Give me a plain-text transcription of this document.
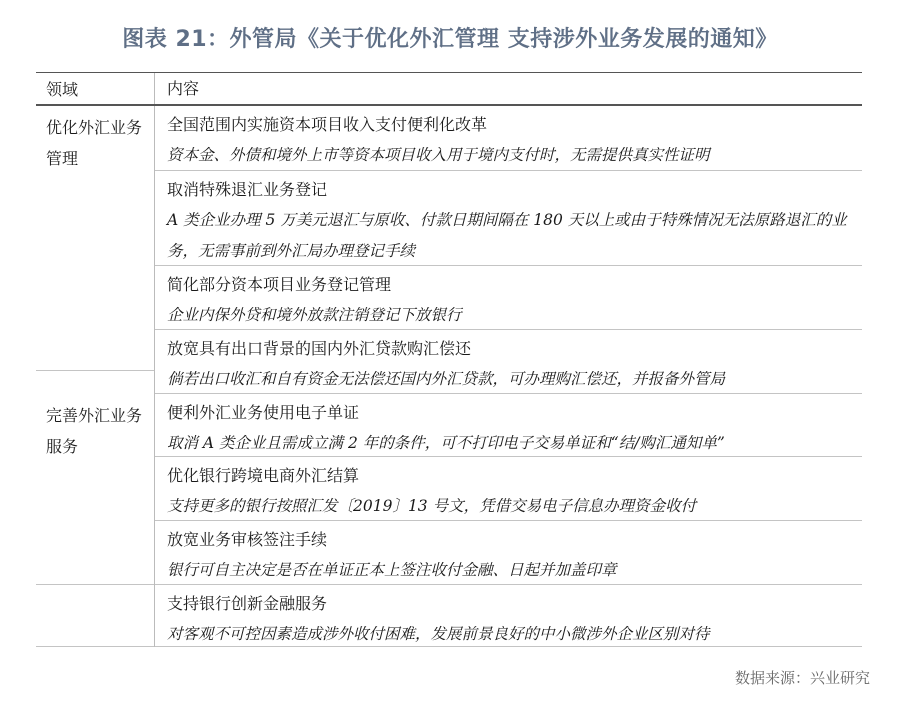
图表 21：外管局《关于优化外汇管理 支持涉外业务发展的通知》
领域	内容
优化外汇业务管理
全国范围内实施资本项目收入支付便利化改革
资本金、外债和境外上市等资本项目收入用于境内支付时，无需提供真实性证明
取消特殊退汇业务登记
A 类企业办理 5 万美元退汇与原收、付款日期间隔在 180 天以上或由于特殊情况无法原路退汇的业务，无需事前到外汇局办理登记手续
简化部分资本项目业务登记管理
企业内保外贷和境外放款注销登记下放银行
放宽具有出口背景的国内外汇贷款购汇偿还
倘若出口收汇和自有资金无法偿还国内外汇贷款，可办理购汇偿还，并报备外管局
完善外汇业务服务
便利外汇业务使用电子单证
取消 A 类企业且需成立满 2 年的条件，可不打印电子交易单证和“结/购汇通知单”
优化银行跨境电商外汇结算
支持更多的银行按照汇发〔2019〕13 号文，凭借交易电子信息办理资金收付
放宽业务审核签注手续
银行可自主决定是否在单证正本上签注收付金融、日起并加盖印章
支持银行创新金融服务
对客观不可控因素造成涉外收付困难，发展前景良好的中小微涉外企业区别对待
数据来源：兴业研究
